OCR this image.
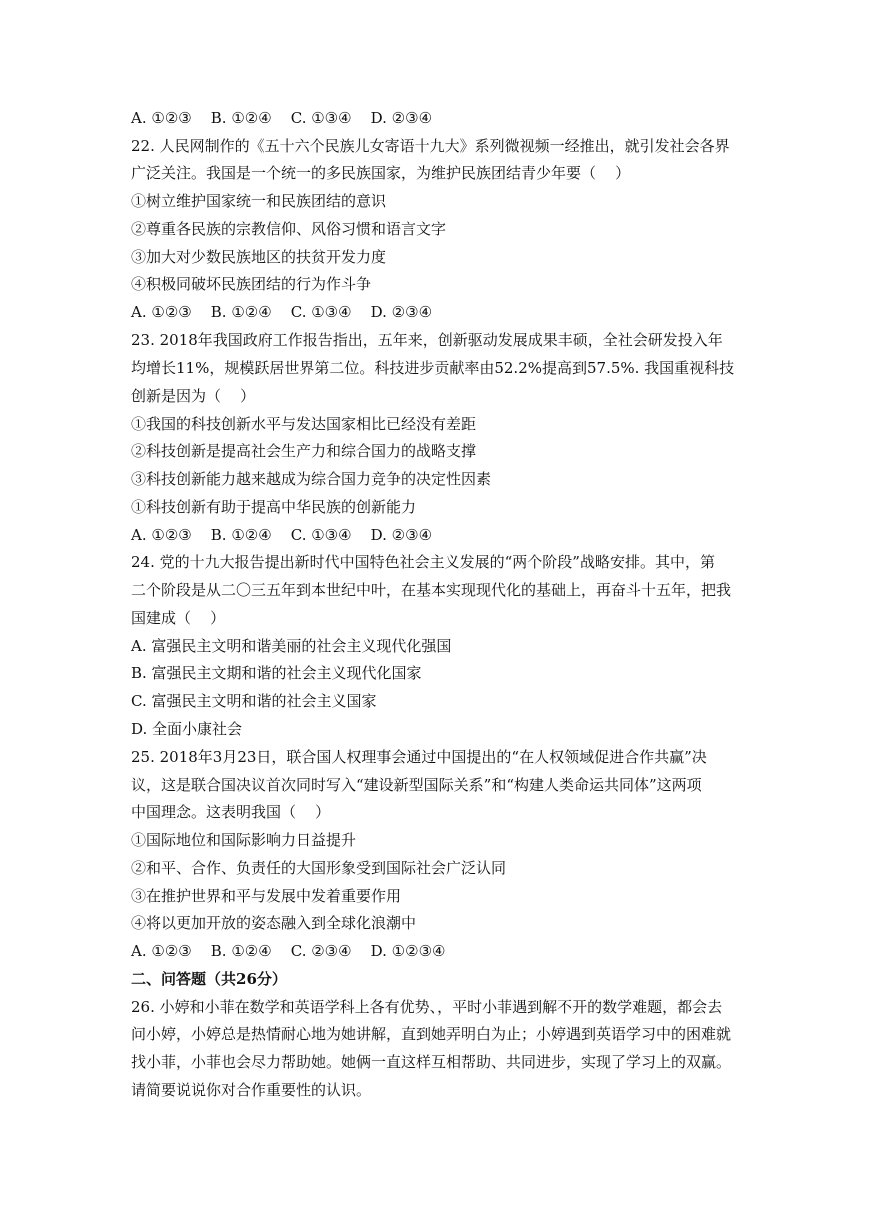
A. ①②③    B. ①②④    C. ①③④    D. ②③④
22. 人民网制作的《五十六个民族儿女寄语十九大》系列微视频一经推出，就引发社会各界
广泛关注。我国是一个统一的多民族国家，为维护民族团结青少年要（    ）
①树立维护国家统一和民族团结的意识
②尊重各民族的宗教信仰、风俗习惯和语言文字
③加大对少数民族地区的扶贫开发力度
④积极同破坏民族团结的行为作斗争
A. ①②③    B. ①②④    C. ①③④    D. ②③④
23. 2018年我国政府工作报告指出，五年来，创新驱动发展成果丰硕，全社会研发投入年
均增长11%，规模跃居世界第二位。科技进步贡献率由52.2%提高到57.5%. 我国重视科技
创新是因为（    ）
①我国的科技创新水平与发达国家相比已经没有差距
②科技创新是提高社会生产力和综合国力的战略支撑
③科技创新能力越来越成为综合国力竞争的决定性因素
①科技创新有助于提高中华民族的创新能力
A. ①②③    B. ①②④    C. ①③④    D. ②③④
24. 党的十九大报告提出新时代中国特色社会主义发展的“两个阶段”战略安排。其中，第
二个阶段是从二〇三五年到本世纪中叶，在基本实现现代化的基础上，再奋斗十五年，把我
国建成（    ）
A. 富强民主文明和谐美丽的社会主义现代化强国
B. 富强民主文期和谐的社会主义现代化国家
C. 富强民主文明和谐的社会主义国家
D. 全面小康社会
25. 2018年3月23日，联合国人权理事会通过中国提出的“在人权领域促进合作共赢”决
议，这是联合国决议首次同时写入“建设新型国际关系”和“构建人类命运共同体”这两项
中国理念。这表明我国（    ）
①国际地位和国际影响力日益提升
②和平、合作、负责任的大国形象受到国际社会广泛认同
③在推护世界和平与发展中发着重要作用
④将以更加开放的姿态融入到全球化浪潮中
A. ①②③    B. ①②④    C. ②③④    D. ①②③④
二、问答题（共26分）
26. 小婷和小菲在数学和英语学科上各有优势、，平时小菲遇到解不开的数学难题，都会去
问小婷，小婷总是热情耐心地为她讲解，直到她弄明白为止；小婷遇到英语学习中的困难就
找小菲，小菲也会尽力帮助她。她俩一直这样互相帮助、共同进步，实现了学习上的双赢。
请简要说说你对合作重要性的认识。
